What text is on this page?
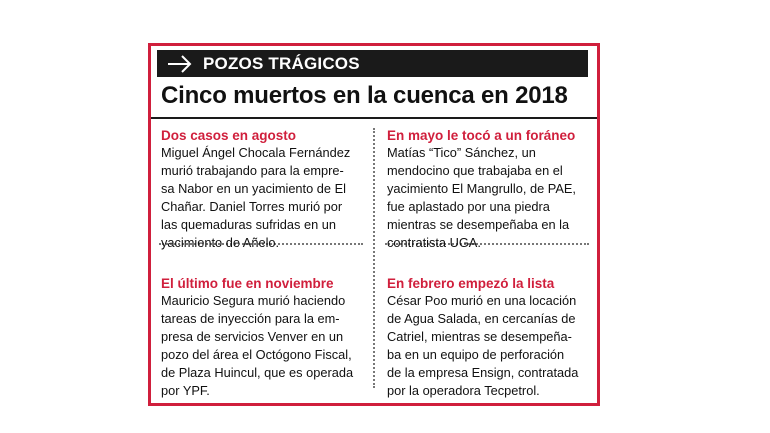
POZOS TRÁGICOS
Cinco muertos en la cuenca en 2018
Dos casos en agosto

Miguel Ángel Chocala Fernández
murió trabajando para la empre-
sa Nabor en un yacimiento de El
Chañar. Daniel Torres murió por
las quemaduras sufridas en un
yacimiento de Añelo.

En mayo le tocó a un foráneo

Matías “Tico” Sánchez, un
mendocino que trabajaba en el
yacimiento El Mangrullo, de PAE,
fue aplastado por una piedra
mientras se desempeñaba en la
contratista UGA.

El último fue en noviembre

Mauricio Segura murió haciendo
tareas de inyección para la em-
presa de servicios Venver en un
pozo del área el Octógono Fiscal,
de Plaza Huincul, que es operada
por YPF.

En febrero empezó la lista

César Poo murió en una locación
de Agua Salada, en cercanías de
Catriel, mientras se desempeña-
ba en un equipo de perforación
de la empresa Ensign, contratada
por la operadora Tecpetrol.
